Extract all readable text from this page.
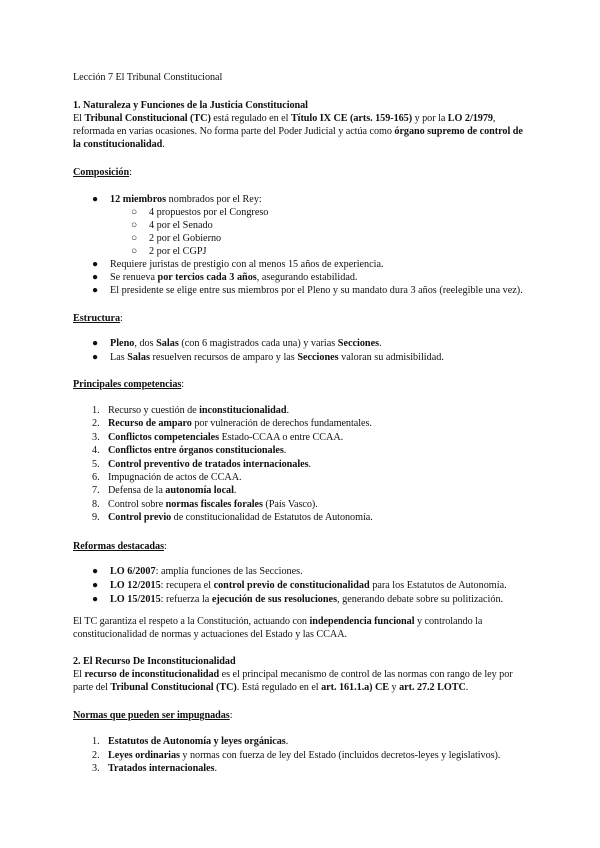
Lección 7 El Tribunal Constitucional
1. Naturaleza y Funciones de la Justicia Constitucional
El Tribunal Constitucional (TC) está regulado en el Título IX CE (arts. 159-165) y por la LO 2/1979,
reformada en varias ocasiones. No forma parte del Poder Judicial y actúa como órgano supremo de control de
la constitucionalidad.
Composición:
● 12 miembros nombrados por el Rey:
○ 4 propuestos por el Congreso
○ 4 por el Senado
○ 2 por el Gobierno
○ 2 por el CGPJ
● Requiere juristas de prestigio con al menos 15 años de experiencia.
● Se renueva por tercios cada 3 años, asegurando estabilidad.
● El presidente se elige entre sus miembros por el Pleno y su mandato dura 3 años (reelegible una vez).
Estructura:
● Pleno, dos Salas (con 6 magistrados cada una) y varias Secciones.
● Las Salas resuelven recursos de amparo y las Secciones valoran su admisibilidad.
Principales competencias:
1. Recurso y cuestión de inconstitucionalidad.
2. Recurso de amparo por vulneración de derechos fundamentales.
3. Conflictos competenciales Estado-CCAA o entre CCAA.
4. Conflictos entre órganos constitucionales.
5. Control preventivo de tratados internacionales.
6. Impugnación de actos de CCAA.
7. Defensa de la autonomía local.
8. Control sobre normas fiscales forales (País Vasco).
9. Control previo de constitucionalidad de Estatutos de Autonomía.
Reformas destacadas:
● LO 6/2007: amplía funciones de las Secciones.
● LO 12/2015: recupera el control previo de constitucionalidad para los Estatutos de Autonomía.
● LO 15/2015: refuerza la ejecución de sus resoluciones, generando debate sobre su politización.
El TC garantiza el respeto a la Constitución, actuando con independencia funcional y controlando la
constitucionalidad de normas y actuaciones del Estado y las CCAA.
2. El Recurso De Inconstitucionalidad
El recurso de inconstitucionalidad es el principal mecanismo de control de las normas con rango de ley por
parte del Tribunal Constitucional (TC). Está regulado en el art. 161.1.a) CE y art. 27.2 LOTC.
Normas que pueden ser impugnadas:
1. Estatutos de Autonomía y leyes orgánicas.
2. Leyes ordinarias y normas con fuerza de ley del Estado (incluidos decretos-leyes y legislativos).
3. Tratados internacionales.
